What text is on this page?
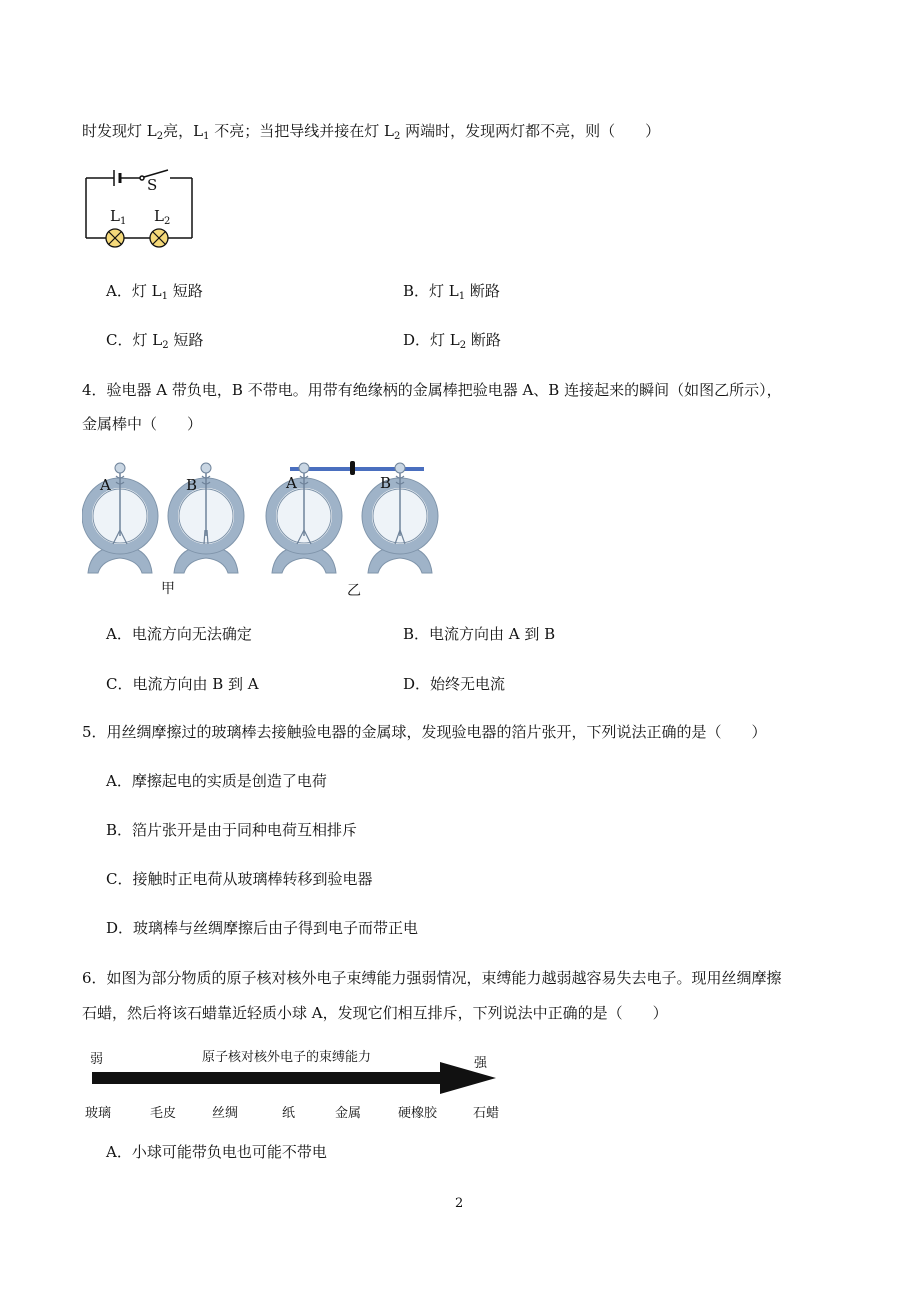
时发现灯 $L_2$亮，$L_1$ 不亮；当把导线并接在灯 $L_2$ 两端时，发现两灯都不亮，则（　　）
S
$L_1$ $L_2$
A．灯 $L_1$ 短路	B．灯 $L_1$ 断路
C．灯 $L_2$ 短路	D．灯 $L_2$ 断路
4．验电器 A 带负电，B 不带电。用带有绝缘柄的金属棒把验电器 A、B 连接起来的瞬间（如图乙所示），
金属棒中（　　）
A	B	A	B
甲	乙
A．电流方向无法确定	B．电流方向由 A 到 B
C．电流方向由 B 到 A	D．始终无电流
5．用丝绸摩擦过的玻璃棒去接触验电器的金属球，发现验电器的箔片张开，下列说法正确的是（　　）
A．摩擦起电的实质是创造了电荷
B．箔片张开是由于同种电荷互相排斥
C．接触时正电荷从玻璃棒转移到验电器
D．玻璃棒与丝绸摩擦后由子得到电子而带正电
6．如图为部分物质的原子核对核外电子束缚能力强弱情况，束缚能力越弱越容易失去电子。现用丝绸摩擦
石蜡，然后将该石蜡靠近轻质小球 A，发现它们相互排斥，下列说法中正确的是（　　）
弱	强
原子核对核外电子的束缚能力
玻璃	毛皮	丝绸	纸	金属	硬橡胶	石蜡
A．小球可能带负电也可能不带电
2
